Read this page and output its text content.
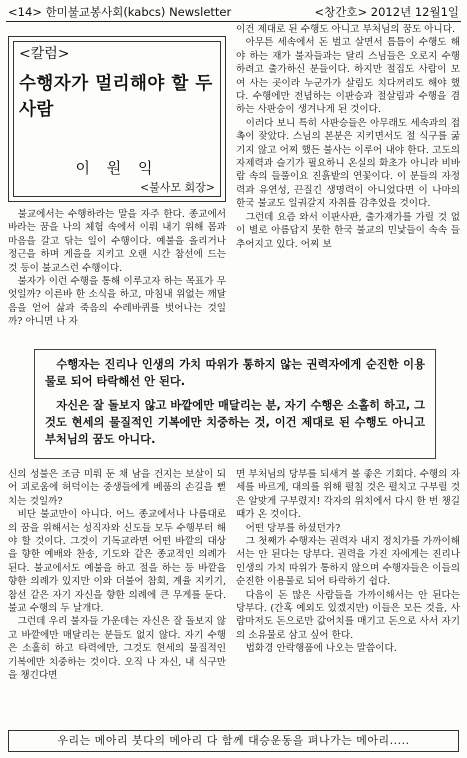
<14> 한미불교봉사회(kabcs) Newsletter	<창간호> 2012년 12월1일
<칼럼>
수행자가 멀리해야 할 두 사람
이 원 익
<불사모 회장>

불교에서는 수행하라는 말을 자주 한다. 종교에서 바라는 꿈을 나의 체험 속에서 이뤄 내기 위해 몸과 마음을 갈고 닦는 일이 수행이다. 예불을 올리거나 정근을 하며 게을을 지키고 오랜 시간 참선에 드는 것 등이 불교스런 수행이다.

불자가 이런 수행을 통해 이루고자 하는 목표가 무엇일까? 이른바 한 소식을 하고, 마침내 위없는 깨달음을 얻어 삶과 죽음의 수레바퀴를 벗어나는 것일까? 아니면 나 자

이건 제대로 된 수행도 아니고 부처님의 꿈도 아니다.

아무튼 세속에서 돈 벌고 살면서 틈틈이 수행도 해야 하는 재가 불자들과는 달리 스님들은 오로지 수행하려고 출가하신 분들이다. 하지만 절집도 사람이 모여 사는 곳이라 누군가가 살림도 치다꺼리도 해야 했다. 수행에만 전념하는 이판승과 절살림과 수행을 겸하는 사판승이 생겨나게 된 것이다.

이러다 보니 특히 사판승들은 아무래도 세속과의 접촉이 잦았다. 스님의 본분은 지키면서도 절 식구를 굶기지 않고 어찌 했든 불사는 이루어 내야 한다. 고도의 자제력과 슬기가 필요하니 온실의 화초가 아니라 비바람 속의 들풀이요 진흙밭의 연꽃이다. 이 분들의 자정력과 유연성, 끈질긴 생명력이 아니었다면 이 나마의 한국 불교도 일궈갈지 자취를 감추었을 것이다.

그런데 요즘 와서 이판사판, 출가재가를 가릴 것 없이 별로 아름답지 못한 한국 불교의 민낯들이 속속 들추어지고 있다. 어찌 보

수행자는 진리나 인생의 가치 따위가 통하지 않는 권력자에게 순진한 이용물로 되어 타락해선 안 된다.

자신은 잘 돌보지 않고 바깥에만 매달리는 분, 자기 수행은 소홀히 하고, 그것도 현세의 물질적인 기복에만 치중하는 것, 이건 제대로 된 수행도 아니고 부처님의 꿈도 아니다.

신의 성불은 조금 미뤄 둔 채 남을 건지는 보살이 되어 괴로움에 허덕이는 중생들에게 베품의 손길을 뻗치는 것일까?

비단 불교만이 아니다. 어느 종교에서나 나름대로의 꿈을 위해서는 성직자와 신도들 모두 수행부터 해야 할 것이다. 그것이 기독교라면 어떤 바깥의 대상을 향한 예배와 찬송, 기도와 같은 종교적인 의례가 된다. 불교에서도 예불을 하고 절을 하는 등 바깥을 향한 의례가 있지만 이와 더불어 참회, 계율 지키기, 참선 같은 자기 자신을 향한 의례에 큰 무게를 둔다. 불교 수행의 두 날개다.

그런데 우리 불자들 가운데는 자신은 잘 돌보지 않고 바깥에만 매달리는 분들도 없지 않다. 자기 수행은 소홀히 하고 타력에만, 그것도 현세의 물질적인 기복에만 치중하는 것이다. 오직 나 자신, 내 식구만을 챙긴다면

면 부처님의 당부를 되새겨 볼 좋은 기회다. 수행의 자세를 바르게, 대의를 위해 펼칠 것은 펼치고 구부릴 것은 알맞게 구부렸지! 각자의 위치에서 다시 한 번 챙길 때가 온 것이다.

어떤 당부를 하셨던가?

그 첫째가 수행자는 권력자 내지 정치가를 가까이해서는 안 된다는 당부다. 권력을 가진 자에게는 진리나 인생의 가치 따위가 통하지 않으며 수행자들은 이들의 순진한 이용물로 되어 타락하기 쉽다.

다음이 돈 많은 사람들을 가까이해서는 안 된다는 당부다. (간혹 예외도 있겠지만) 이들은 모든 것을, 사람마저도 돈으로만 값어치를 매기고 돈으로 사서 자기의 소유물로 삼고 싶어 한다.

법화경 안락행품에 나오는 말씀이다.

우리는 메아리 붓다의 메아리 다 함께 대승운동을 펴나가는 메아리.....
